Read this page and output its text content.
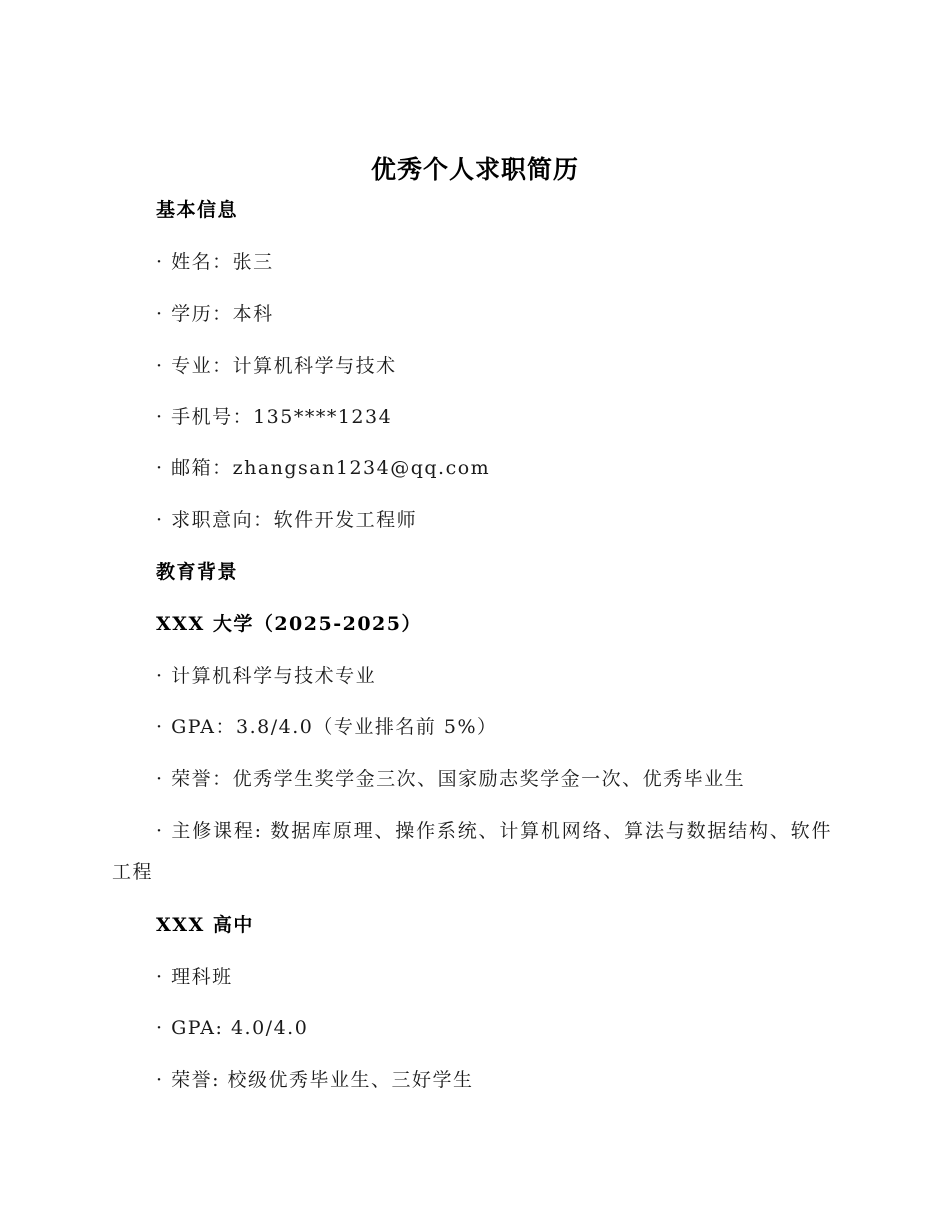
优秀个人求职简历
基本信息
· 姓名：张三
· 学历：本科
· 专业：计算机科学与技术
· 手机号：135****1234
· 邮箱：zhangsan1234@qq.com
· 求职意向：软件开发工程师
教育背景
XXX 大学（2025-2025）
· 计算机科学与技术专业
· GPA：3.8/4.0（专业排名前 5%）
· 荣誉：优秀学生奖学金三次、国家励志奖学金一次、优秀毕业生
· 主修课程: 数据库原理、操作系统、计算机网络、算法与数据结构、软件工程
XXX 高中
· 理科班
· GPA: 4.0/4.0
· 荣誉: 校级优秀毕业生、三好学生
